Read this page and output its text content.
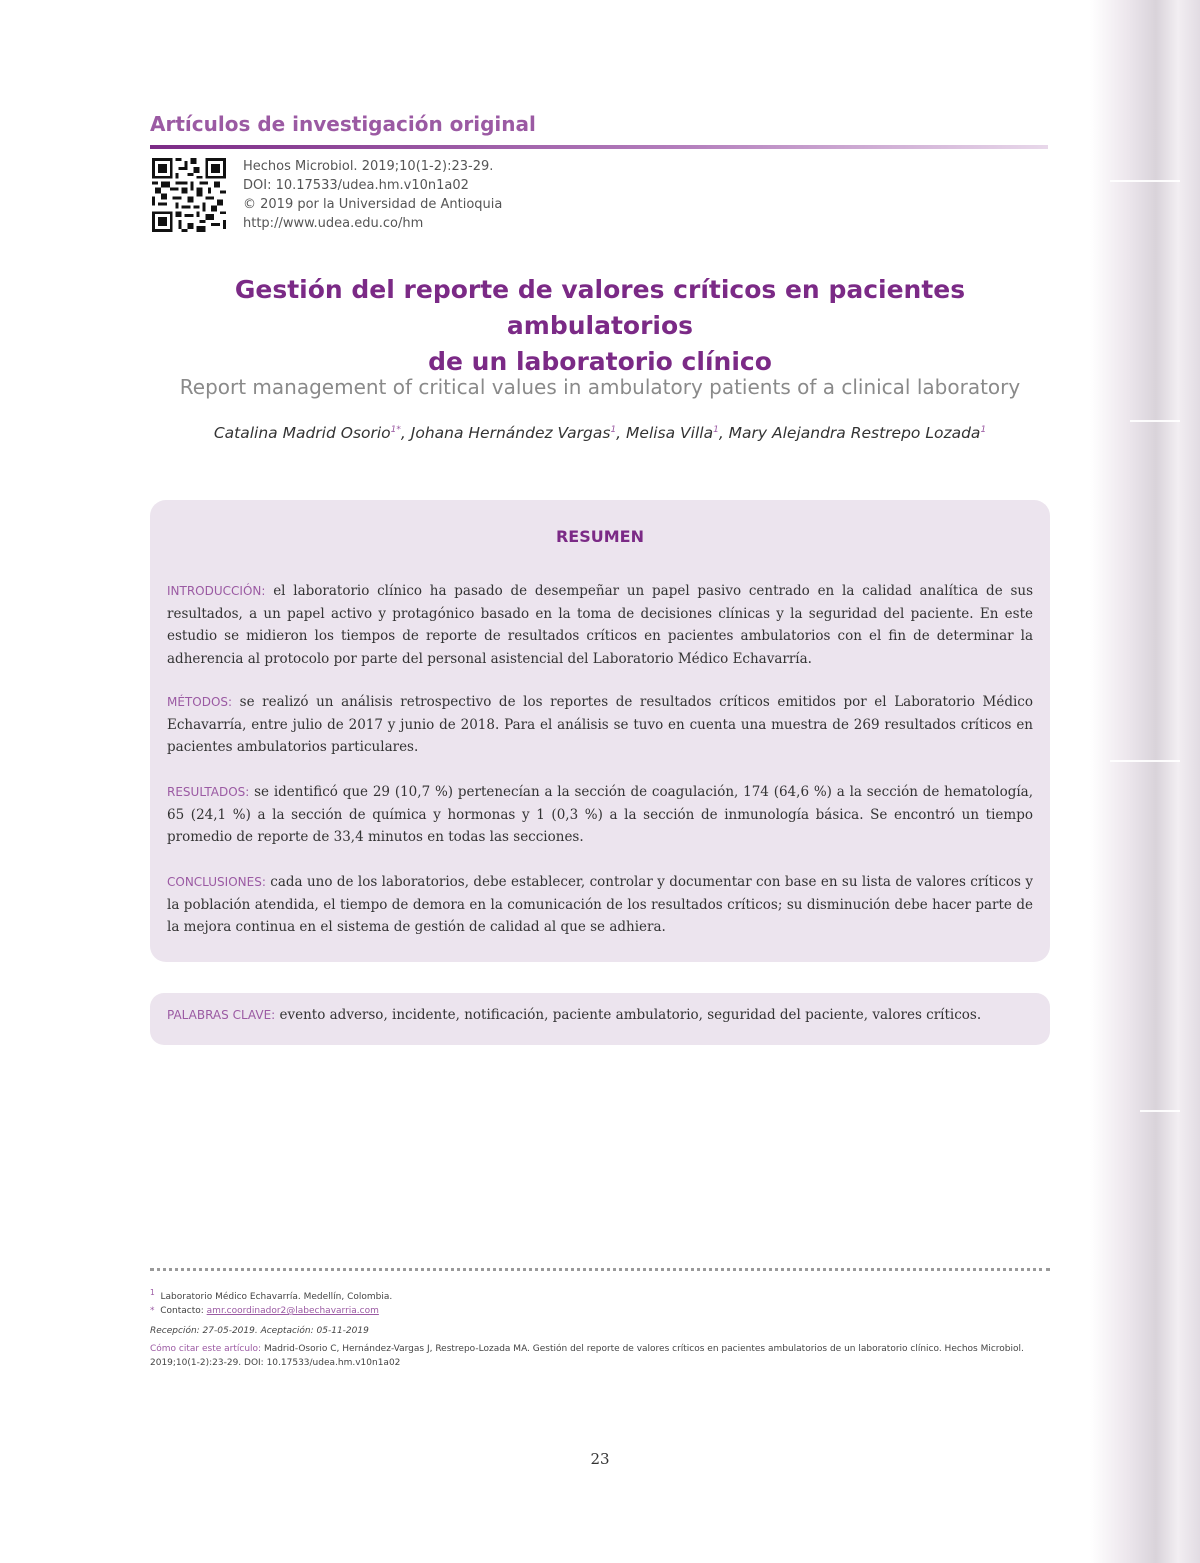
Artículos de investigación original
Hechos Microbiol. 2019;10(1-2):23-29.
DOI: 10.17533/udea.hm.v10n1a02
© 2019 por la Universidad de Antioquia
http://www.udea.edu.co/hm
Gestión del reporte de valores críticos en pacientes ambulatorios
de un laboratorio clínico
Report management of critical values in ambulatory patients of a clinical laboratory
Catalina Madrid Osorio$^{1*}$, Johana Hernández Vargas$^1$, Melisa Villa$^1$, Mary Alejandra Restrepo Lozada$^1$
RESUMEN
INTRODUCCIÓN: el laboratorio clínico ha pasado de desempeñar un papel pasivo centrado en la calidad analítica de sus resultados, a un papel activo y protagónico basado en la toma de decisiones clínicas y la seguridad del paciente. En este estudio se midieron los tiempos de reporte de resultados críticos en pacientes ambulatorios con el fin de determinar la adherencia al protocolo por parte del personal asistencial del Laboratorio Médico Echavarría.
MÉTODOS: se realizó un análisis retrospectivo de los reportes de resultados críticos emitidos por el Laboratorio Médico Echavarría, entre julio de 2017 y junio de 2018. Para el análisis se tuvo en cuenta una muestra de 269 resultados críticos en pacientes ambulatorios particulares.
RESULTADOS: se identificó que 29 (10,7 %) pertenecían a la sección de coagulación, 174 (64,6 %) a la sección de hematología, 65 (24,1 %) a la sección de química y hormonas y 1 (0,3 %) a la sección de inmunología básica. Se encontró un tiempo promedio de reporte de 33,4 minutos en todas las secciones.
CONCLUSIONES: cada uno de los laboratorios, debe establecer, controlar y documentar con base en su lista de valores críticos y la población atendida, el tiempo de demora en la comunicación de los resultados críticos; su disminución debe hacer parte de la mejora continua en el sistema de gestión de calidad al que se adhiera.
PALABRAS CLAVE: evento adverso, incidente, notificación, paciente ambulatorio, seguridad del paciente, valores críticos.
$^1$ Laboratorio Médico Echavarría. Medellín, Colombia.
* Contacto: amr.coordinador2@labechavarria.com
Recepción: 27-05-2019. Aceptación: 05-11-2019
Cómo citar este artículo: Madrid-Osorio C, Hernández-Vargas J, Restrepo-Lozada MA. Gestión del reporte de valores críticos en pacientes ambulatorios de un laboratorio clínico. Hechos Microbiol.
2019;10(1-2):23-29. DOI: 10.17533/udea.hm.v10n1a02
23
